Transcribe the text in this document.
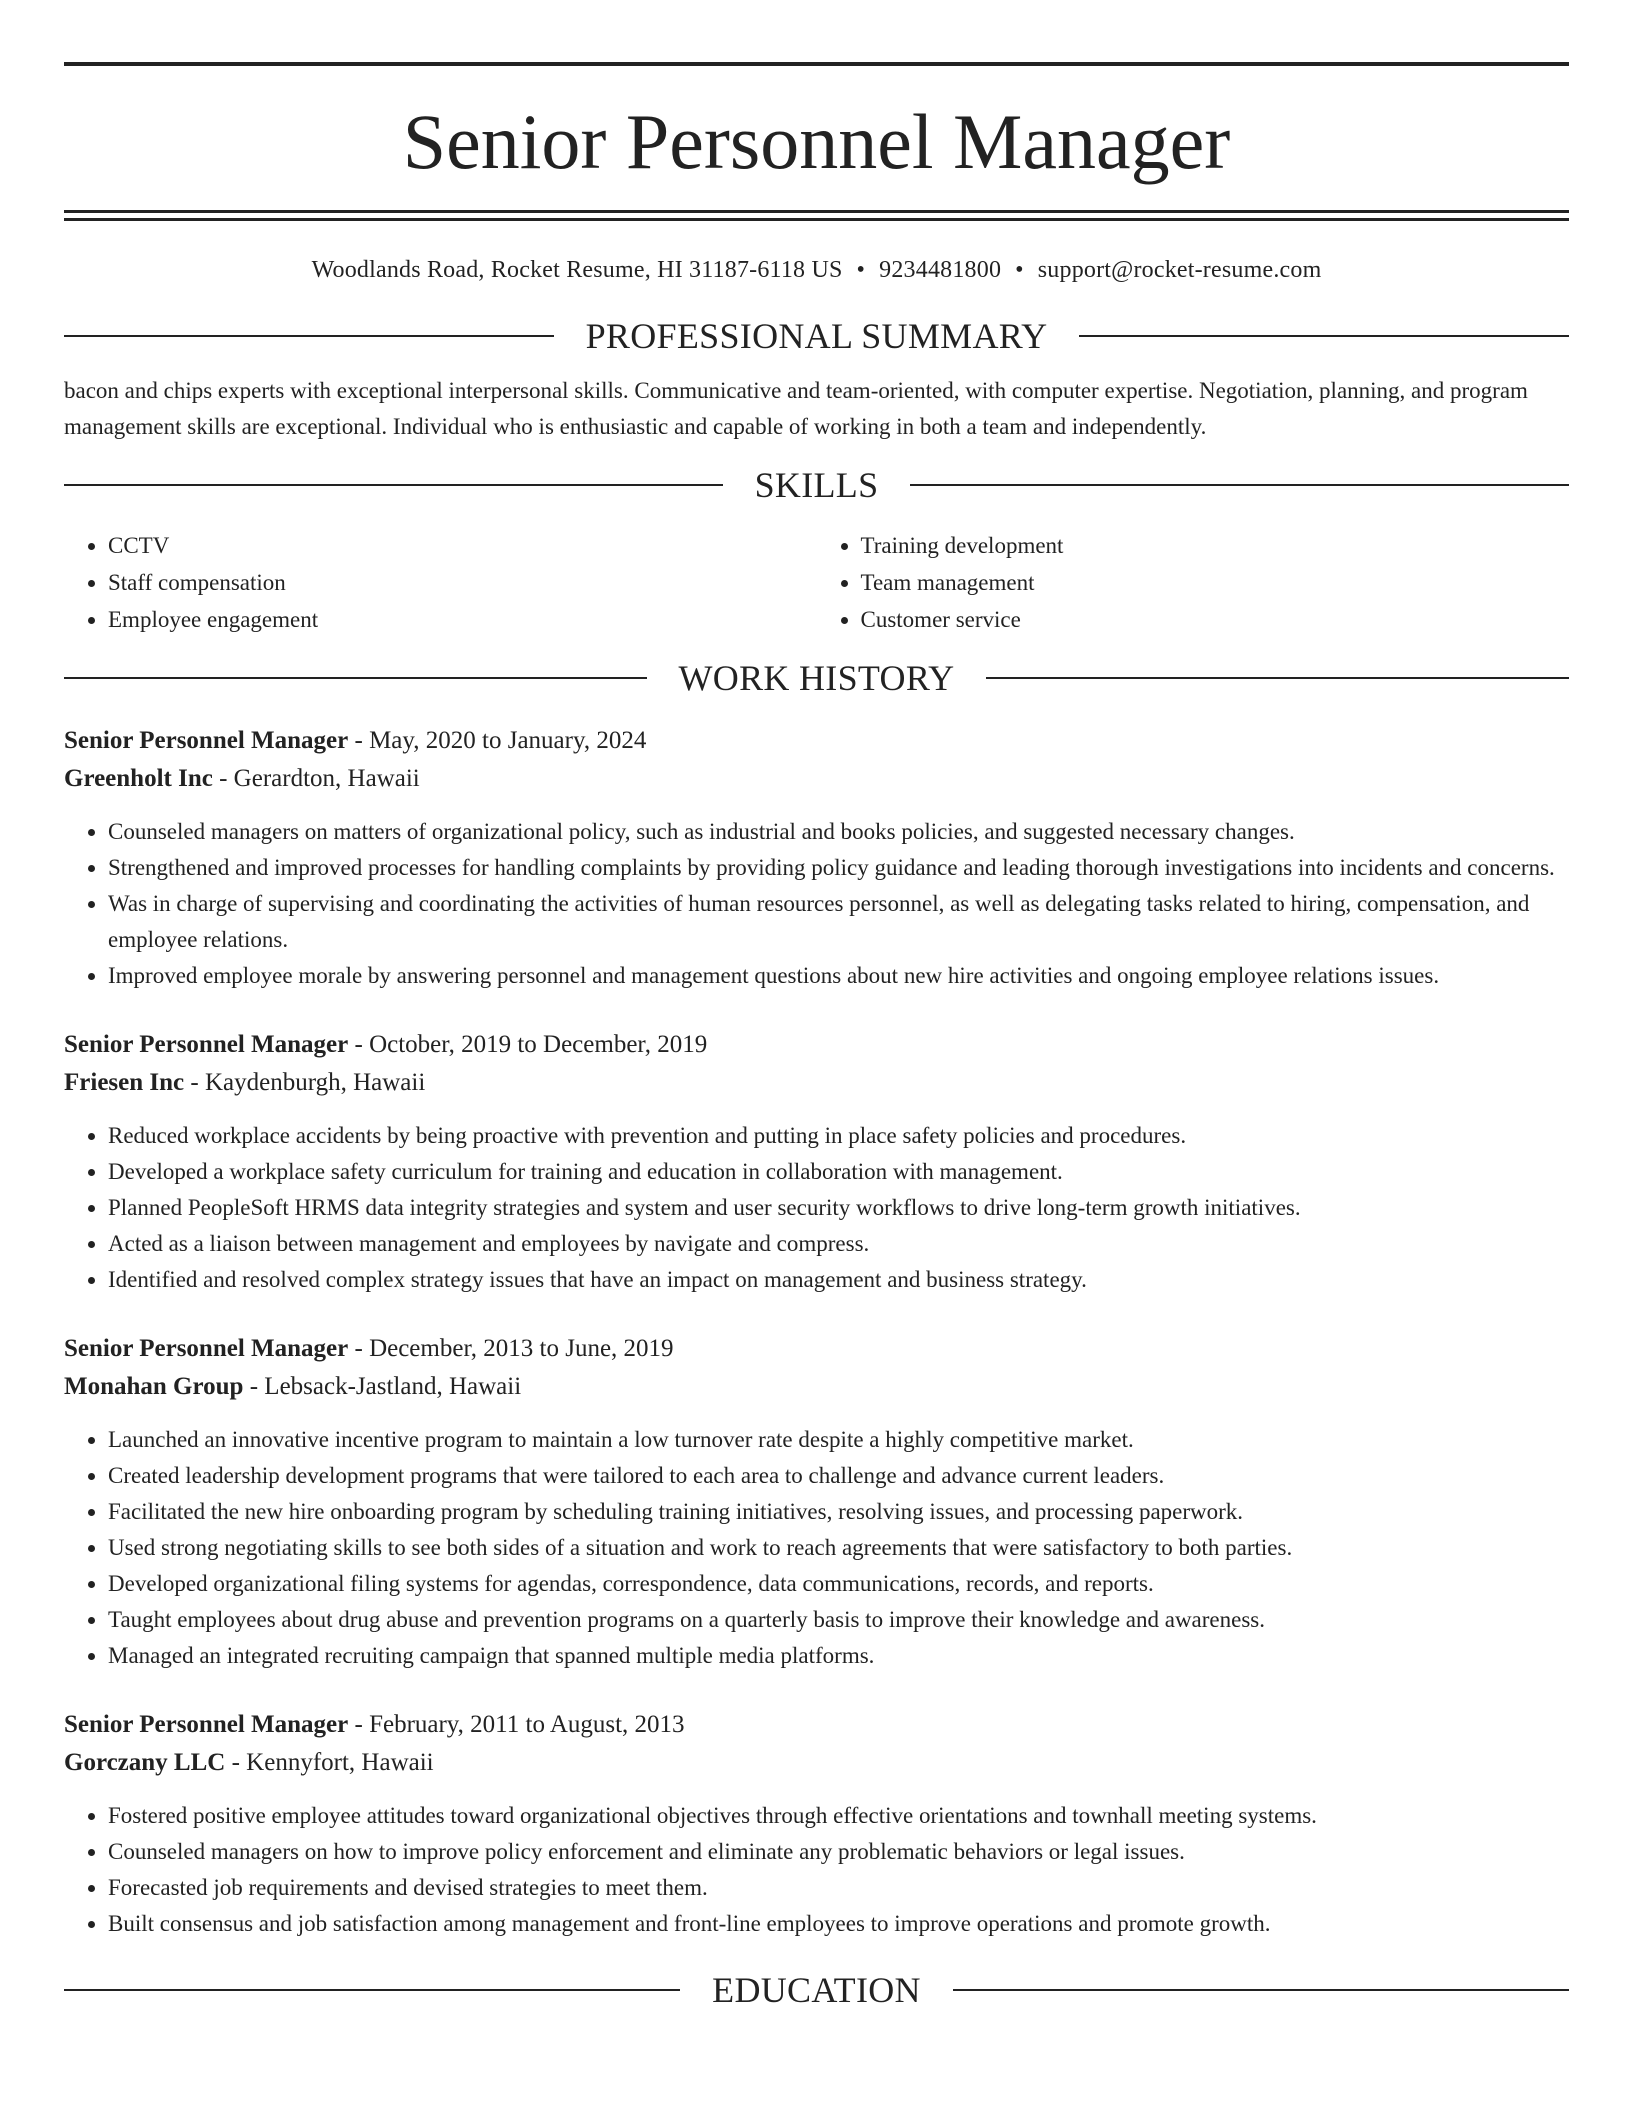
Senior Personnel Manager
Woodlands Road, Rocket Resume, HI 31187-6118 US • 9234481800 • support@rocket-resume.com
PROFESSIONAL SUMMARY
bacon and chips experts with exceptional interpersonal skills. Communicative and team-oriented, with computer expertise. Negotiation, planning, and program management skills are exceptional. Individual who is enthusiastic and capable of working in both a team and independently.
SKILLS
• CCTV
• Staff compensation
• Employee engagement
• Training development
• Team management
• Customer service
WORK HISTORY
Senior Personnel Manager - May, 2020 to January, 2024
Greenholt Inc - Gerardton, Hawaii
• Counseled managers on matters of organizational policy, such as industrial and books policies, and suggested necessary changes.
• Strengthened and improved processes for handling complaints by providing policy guidance and leading thorough investigations into incidents and concerns.
• Was in charge of supervising and coordinating the activities of human resources personnel, as well as delegating tasks related to hiring, compensation, and employee relations.
• Improved employee morale by answering personnel and management questions about new hire activities and ongoing employee relations issues.
Senior Personnel Manager - October, 2019 to December, 2019
Friesen Inc - Kaydenburgh, Hawaii
• Reduced workplace accidents by being proactive with prevention and putting in place safety policies and procedures.
• Developed a workplace safety curriculum for training and education in collaboration with management.
• Planned PeopleSoft HRMS data integrity strategies and system and user security workflows to drive long-term growth initiatives.
• Acted as a liaison between management and employees by navigate and compress.
• Identified and resolved complex strategy issues that have an impact on management and business strategy.
Senior Personnel Manager - December, 2013 to June, 2019
Monahan Group - Lebsack-Jastland, Hawaii
• Launched an innovative incentive program to maintain a low turnover rate despite a highly competitive market.
• Created leadership development programs that were tailored to each area to challenge and advance current leaders.
• Facilitated the new hire onboarding program by scheduling training initiatives, resolving issues, and processing paperwork.
• Used strong negotiating skills to see both sides of a situation and work to reach agreements that were satisfactory to both parties.
• Developed organizational filing systems for agendas, correspondence, data communications, records, and reports.
• Taught employees about drug abuse and prevention programs on a quarterly basis to improve their knowledge and awareness.
• Managed an integrated recruiting campaign that spanned multiple media platforms.
Senior Personnel Manager - February, 2011 to August, 2013
Gorczany LLC - Kennyfort, Hawaii
• Fostered positive employee attitudes toward organizational objectives through effective orientations and townhall meeting systems.
• Counseled managers on how to improve policy enforcement and eliminate any problematic behaviors or legal issues.
• Forecasted job requirements and devised strategies to meet them.
• Built consensus and job satisfaction among management and front-line employees to improve operations and promote growth.
EDUCATION
